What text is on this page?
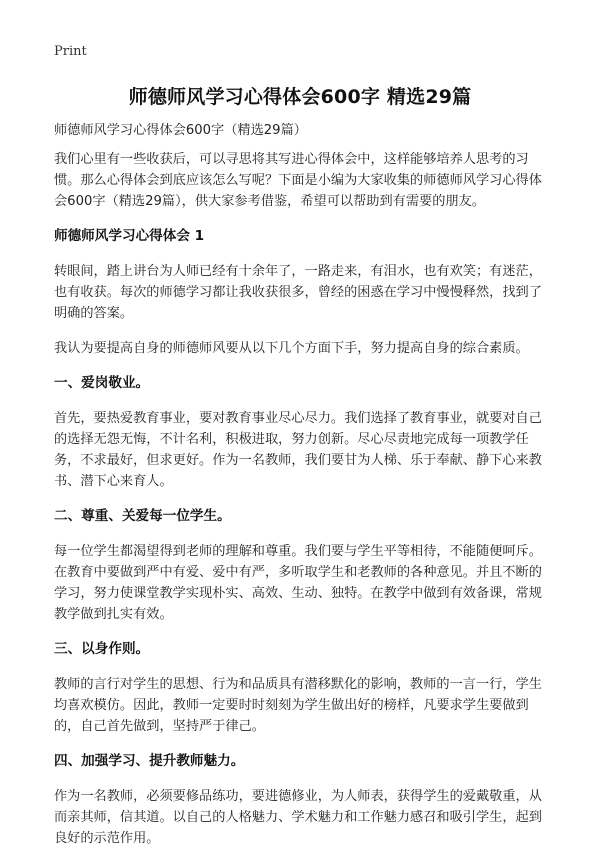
Print
师德师风学习心得体会600字 精选29篇

师德师风学习心得体会600字（精选29篇）

我们心里有一些收获后，可以寻思将其写进心得体会中，这样能够培养人思考的习惯。那么心得体会到底应该怎么写呢？下面是小编为大家收集的师德师风学习心得体会600字（精选29篇），供大家参考借鉴，希望可以帮助到有需要的朋友。

师德师风学习心得体会 1

转眼间，踏上讲台为人师已经有十余年了，一路走来，有泪水，也有欢笑；有迷茫，也有收获。每次的师德学习都让我收获很多，曾经的困惑在学习中慢慢释然，找到了明确的答案。

我认为要提高自身的师德师风要从以下几个方面下手，努力提高自身的综合素质。

一、爱岗敬业。

首先，要热爱教育事业，要对教育事业尽心尽力。我们选择了教育事业，就要对自己的选择无怨无悔，不计名利，积极进取，努力创新。尽心尽责地完成每一项教学任务，不求最好，但求更好。作为一名教师，我们要甘为人梯、乐于奉献、静下心来教书、潜下心来育人。

二、尊重、关爱每一位学生。

每一位学生都渴望得到老师的理解和尊重。我们要与学生平等相待，不能随便呵斥。在教育中要做到严中有爱、爱中有严，多听取学生和老教师的各种意见。并且不断的学习，努力使课堂教学实现朴实、高效、生动、独特。在教学中做到有效备课，常规教学做到扎实有效。

三、以身作则。

教师的言行对学生的思想、行为和品质具有潜移默化的影响，教师的一言一行，学生均喜欢模仿。因此，教师一定要时时刻刻为学生做出好的榜样，凡要求学生要做到的，自己首先做到，坚持严于律己。

四、加强学习、提升教师魅力。

作为一名教师，必须要修品练功，要进德修业，为人师表，获得学生的爱戴敬重，从而亲其师，信其道。以自己的人格魅力、学术魅力和工作魅力感召和吸引学生，起到良好的示范作用。
